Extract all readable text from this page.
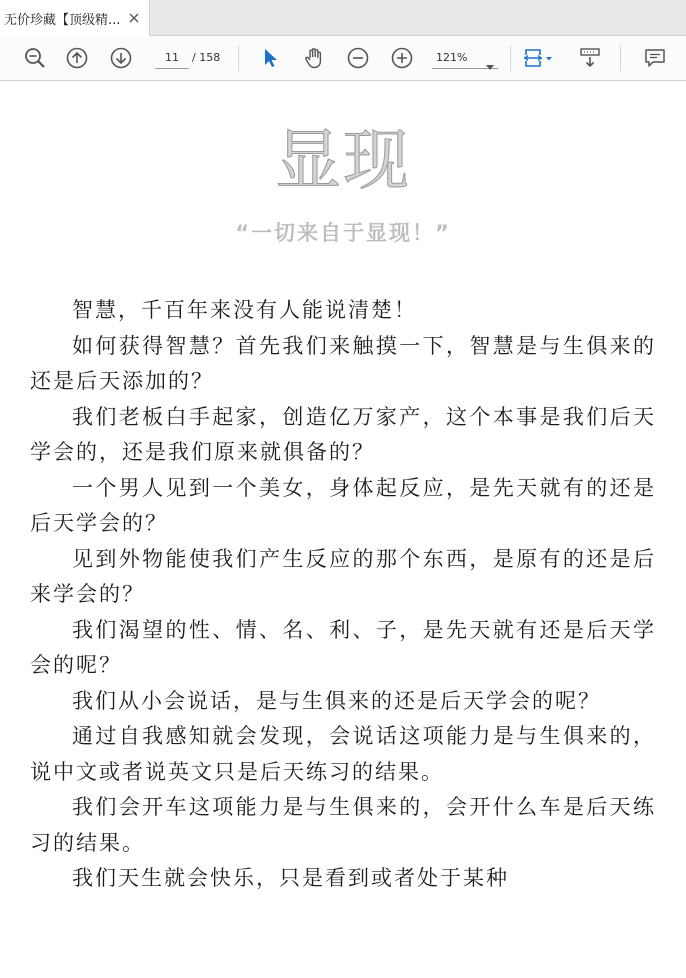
无价珍藏【顶级精...
11
/ 158	121%
显现
“一切来自于显现！”

智慧，千百年来没有人能说清楚！

如何获得智慧？首先我们来触摸一下，智慧是与生俱来的还是后天添加的？

我们老板白手起家，创造亿万家产，这个本事是我们后天学会的，还是我们原来就俱备的？

一个男人见到一个美女，身体起反应，是先天就有的还是后天学会的？

见到外物能使我们产生反应的那个东西，是原有的还是后来学会的？

我们渴望的性、情、名、利、子，是先天就有还是后天学会的呢？

我们从小会说话，是与生俱来的还是后天学会的呢？

通过自我感知就会发现，会说话这项能力是与生俱来的，说中文或者说英文只是后天练习的结果。

我们会开车这项能力是与生俱来的，会开什么车是后天练习的结果。

我们天生就会快乐，只是看到或者处于某种
